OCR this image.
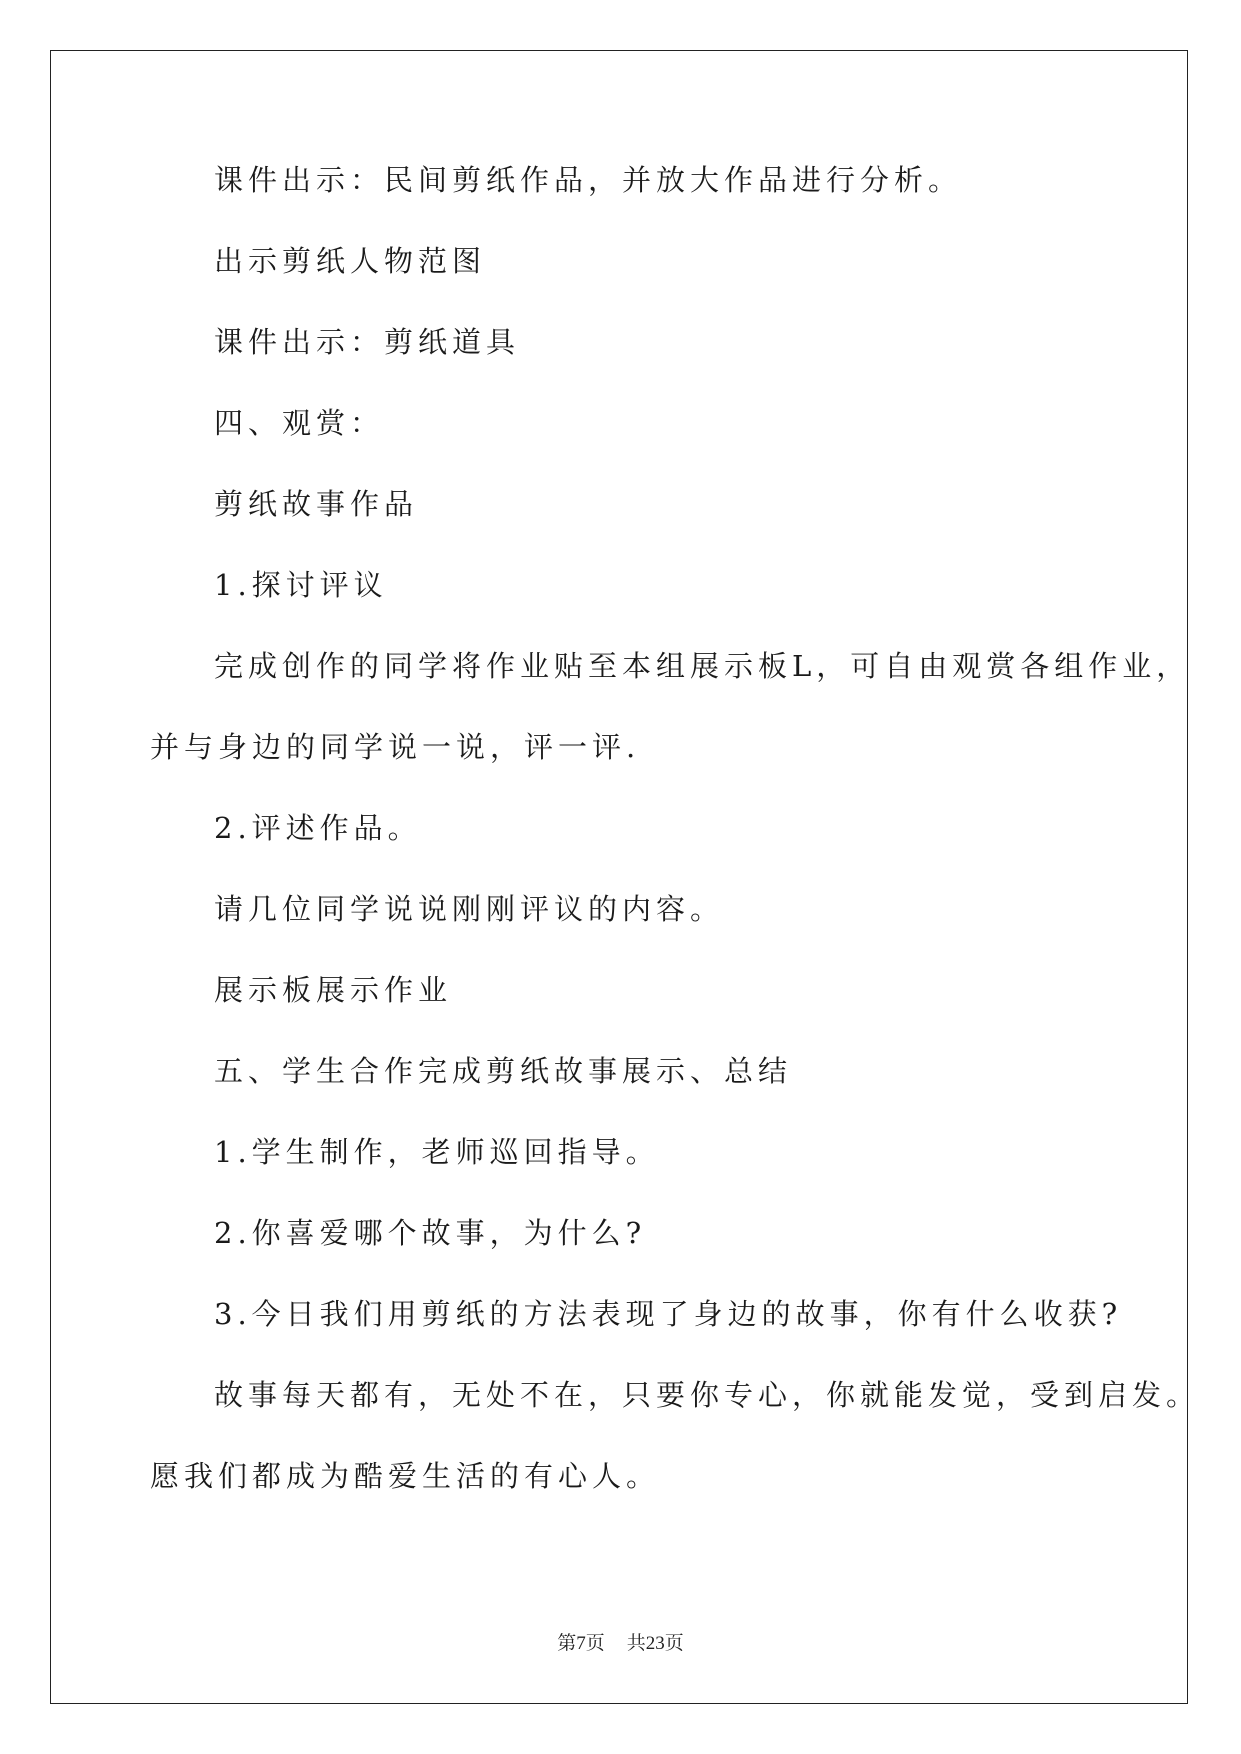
课件出示：民间剪纸作品，并放大作品进行分析。
出示剪纸人物范图
课件出示：剪纸道具
四、观赏：
剪纸故事作品
1.探讨评议
完成创作的同学将作业贴至本组展示板L，可自由观赏各组作业，
并与身边的同学说一说，评一评.
2.评述作品。
请几位同学说说刚刚评议的内容。
展示板展示作业
五、学生合作完成剪纸故事展示、总结
1.学生制作，老师巡回指导。
2.你喜爱哪个故事，为什么?
3.今日我们用剪纸的方法表现了身边的故事，你有什么收获?
故事每天都有，无处不在，只要你专心，你就能发觉，受到启发。
愿我们都成为酷爱生活的有心人。
第7页 共23页
